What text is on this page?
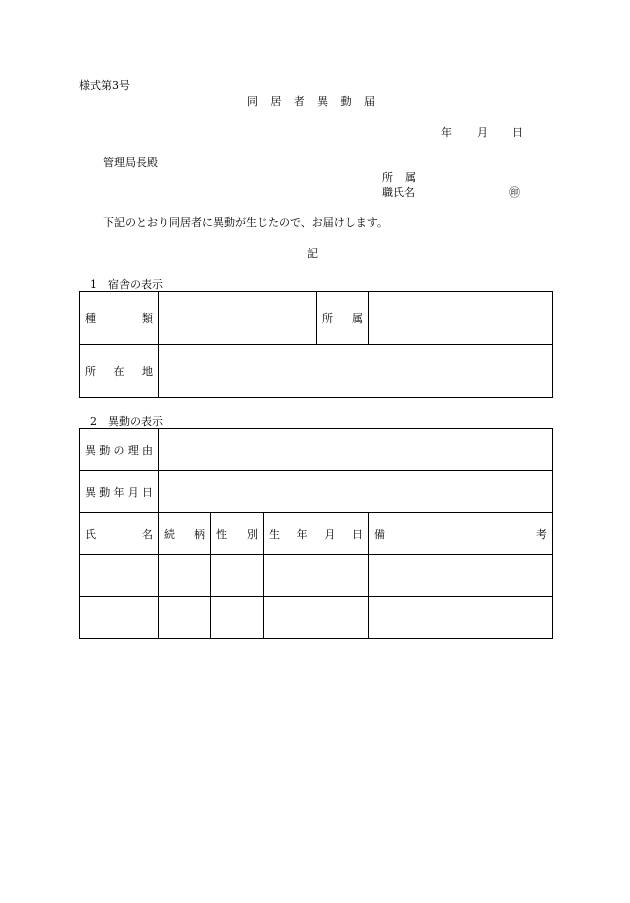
様式第3号
同 居 者 異 動 届
年 月 日
管理局長殿
所 属
職氏名	㊞
下記のとおり同居者に異動が生じたので、お届けします。
記
1　宿舎の表示
種 類		所 属	

所 在 地			

2　異動の表示
異 動 の 理 由				

異 動 年 月 日				

氏 名	続 柄	性 別	生 年 月 日	備 考
